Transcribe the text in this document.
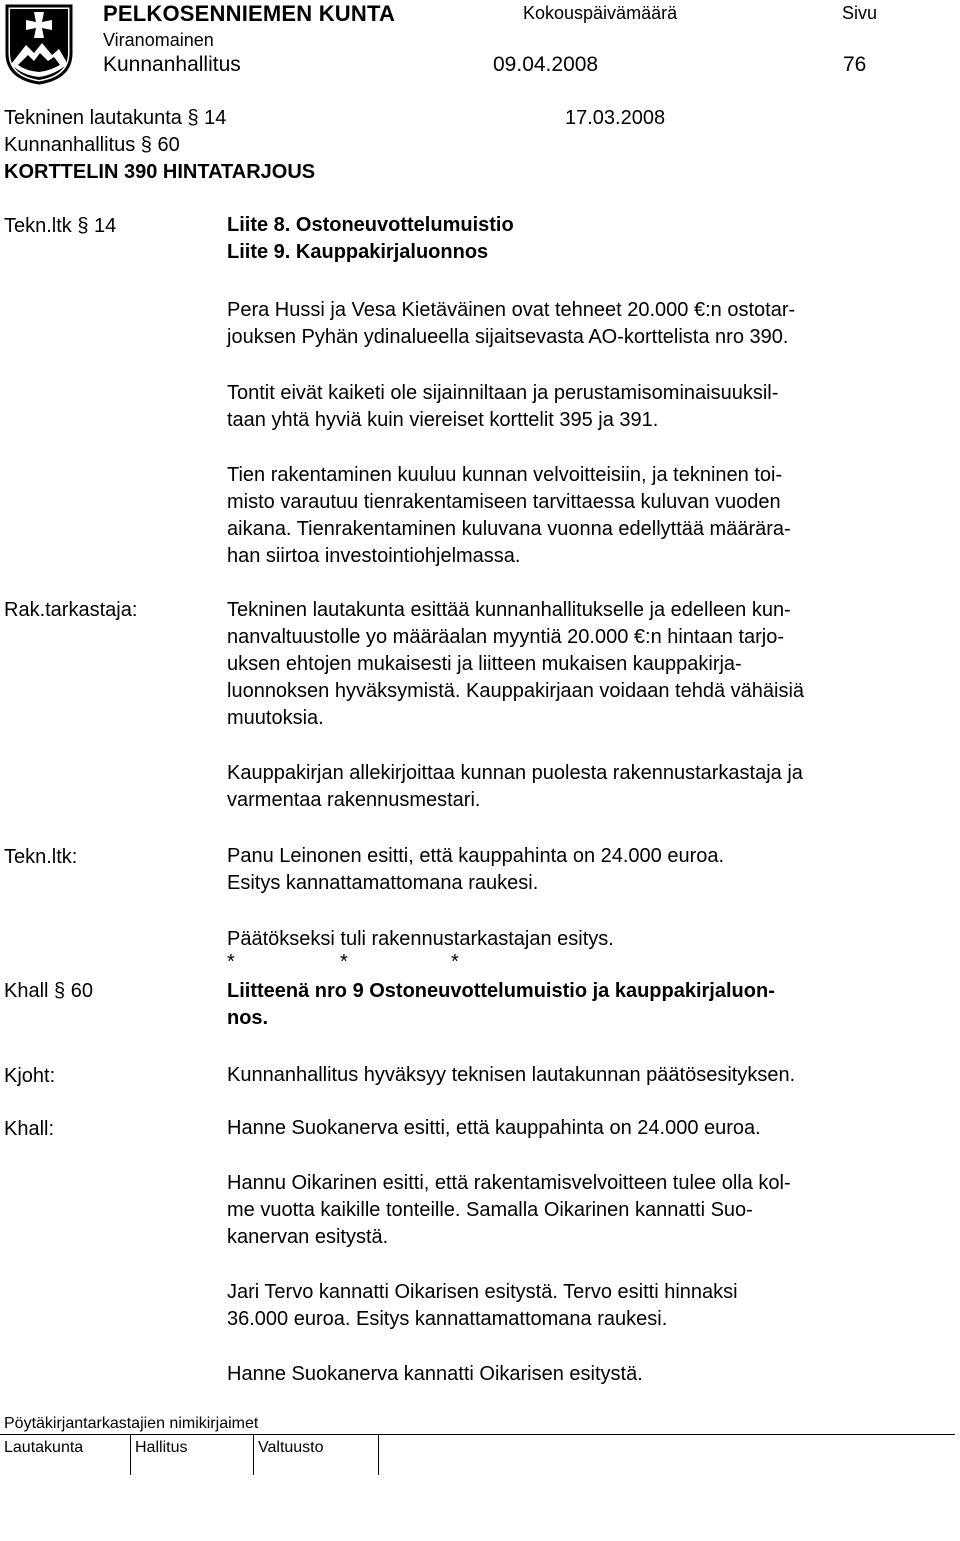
PELKOSENNIEMEN KUNTA
Viranomainen
Kunnanhallitus
Kokouspäivämäärä
09.04.2008
Sivu
76
Tekninen lautakunta § 14	17.03.2008
Kunnanhallitus § 60
KORTTELIN 390 HINTATARJOUS
Tekn.ltk § 14	Liite 8. Ostoneuvottelumuistio
Liite 9. Kauppakirjaluonnos
Pera Hussi ja Vesa Kietäväinen ovat tehneet 20.000 €:n ostotar-
jouksen Pyhän ydinalueella sijaitsevasta AO-korttelista nro 390.
Tontit eivät kaiketi ole sijainniltaan ja perustamisominaisuuksil-
taan yhtä hyviä kuin viereiset korttelit 395 ja 391.
Tien rakentaminen kuuluu kunnan velvoitteisiin, ja tekninen toi-
misto varautuu tienrakentamiseen tarvittaessa kuluvan vuoden
aikana. Tienrakentaminen kuluvana vuonna edellyttää määrära-
han siirtoa investointiohjelmassa.
Rak.tarkastaja:	Tekninen lautakunta esittää kunnanhallitukselle ja edelleen kun-
nanvaltuustolle yo määräalan myyntiä 20.000 €:n hintaan tarjo-
uksen ehtojen mukaisesti ja liitteen mukaisen kauppakirja-
luonnoksen hyväksymistä. Kauppakirjaan voidaan tehdä vähäisiä
muutoksia.
Kauppakirjan allekirjoittaa kunnan puolesta rakennustarkastaja ja
varmentaa rakennusmestari.
Tekn.ltk:	Panu Leinonen esitti, että kauppahinta on 24.000 euroa.
Esitys kannattamattomana raukesi.
Päätökseksi tuli rakennustarkastajan esitys.
*	*	*
Khall § 60	Liitteenä nro 9 Ostoneuvottelumuistio ja kauppakirjaluon-
nos.
Kjoht:	Kunnanhallitus hyväksyy teknisen lautakunnan päätösesityksen.
Khall:	Hanne Suokanerva esitti, että kauppahinta on 24.000 euroa.
Hannu Oikarinen esitti, että rakentamisvelvoitteen tulee olla kol-
me vuotta kaikille tonteille. Samalla Oikarinen kannatti Suo-
kanervan esitystä.
Jari Tervo kannatti Oikarisen esitystä. Tervo esitti hinnaksi
36.000 euroa. Esitys kannattamattomana raukesi.
Hanne Suokanerva kannatti Oikarisen esitystä.
Pöytäkirjantarkastajien nimikirjaimet
Lautakunta	Hallitus	Valtuusto
